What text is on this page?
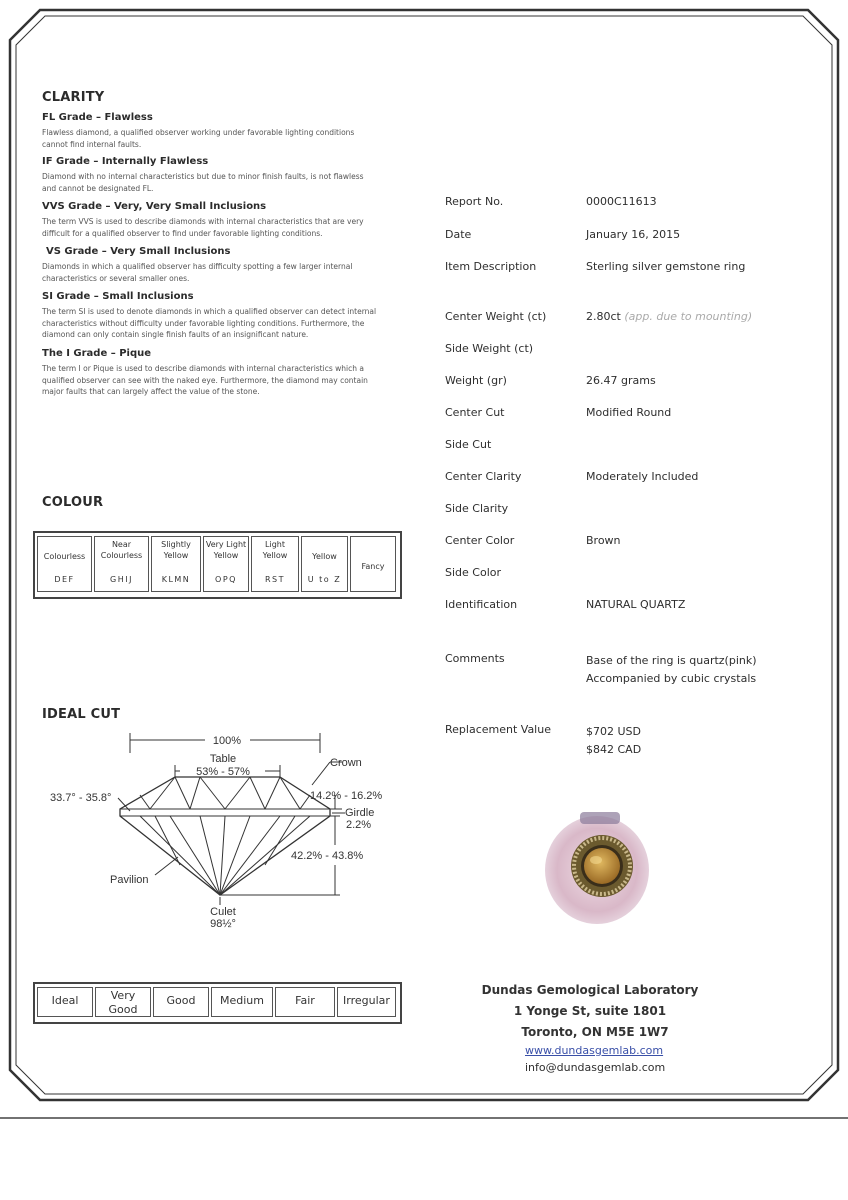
CLARITY
FL Grade – Flawless
Flawless diamond, a qualified observer working under favorable lighting conditions
cannot find internal faults.
IF Grade – Internally Flawless
Diamond with no internal characteristics but due to minor finish faults, is not flawless
and cannot be designated FL.
VVS Grade – Very, Very Small Inclusions
The term VVS is used to describe diamonds with internal characteristics that are very
difficult for a qualified observer to find under favorable lighting conditions.
VS Grade – Very Small Inclusions
Diamonds in which a qualified observer has difficulty spotting a few larger internal
characteristics or several smaller ones.
SI Grade – Small Inclusions
The term SI is used to denote diamonds in which a qualified observer can detect internal
characteristics without difficulty under favorable lighting conditions. Furthermore, the
diamond can only contain single finish faults of an insignificant nature.
The I Grade – Pique
The term I or Pique is used to describe diamonds with internal characteristics which a
qualified observer can see with the naked eye. Furthermore, the diamond may contain
major faults that can largely affect the value of the stone.
COLOUR
Colourless
DEF
Near Colourless
GHIJ
Slightly Yellow
KLMN
Very Light Yellow
OPQ
Light Yellow
RST
Yellow
U to Z
Fancy
IDEAL CUT
100%
Table
53% - 57%
Crown
33.7° - 35.8°	14.2% - 16.2%
Girdle
2.2%
42.2% - 43.8%
Pavilion
Culet
98½°
Ideal	Very Good
Good	Medium	Fair	Irregular
Report No.	0000C11613
Date	January 16, 2015
Item Description	Sterling silver gemstone ring
Center Weight (ct)	2.80ct (app. due to mounting)
Side Weight (ct)
Weight (gr)	26.47 grams
Center Cut	Modified Round
Side Cut
Center Clarity	Moderately Included
Side Clarity
Center Color	Brown
Side Color
Identification	NATURAL QUARTZ
Comments	Base of the ring is quartz(pink)
Accompanied by cubic crystals
Replacement Value	$702 USD
$842 CAD
Dundas Gemological Laboratory
1 Yonge St, suite 1801
Toronto, ON M5E 1W7
www.dundasgemlab.com
info@dundasgemlab.com
